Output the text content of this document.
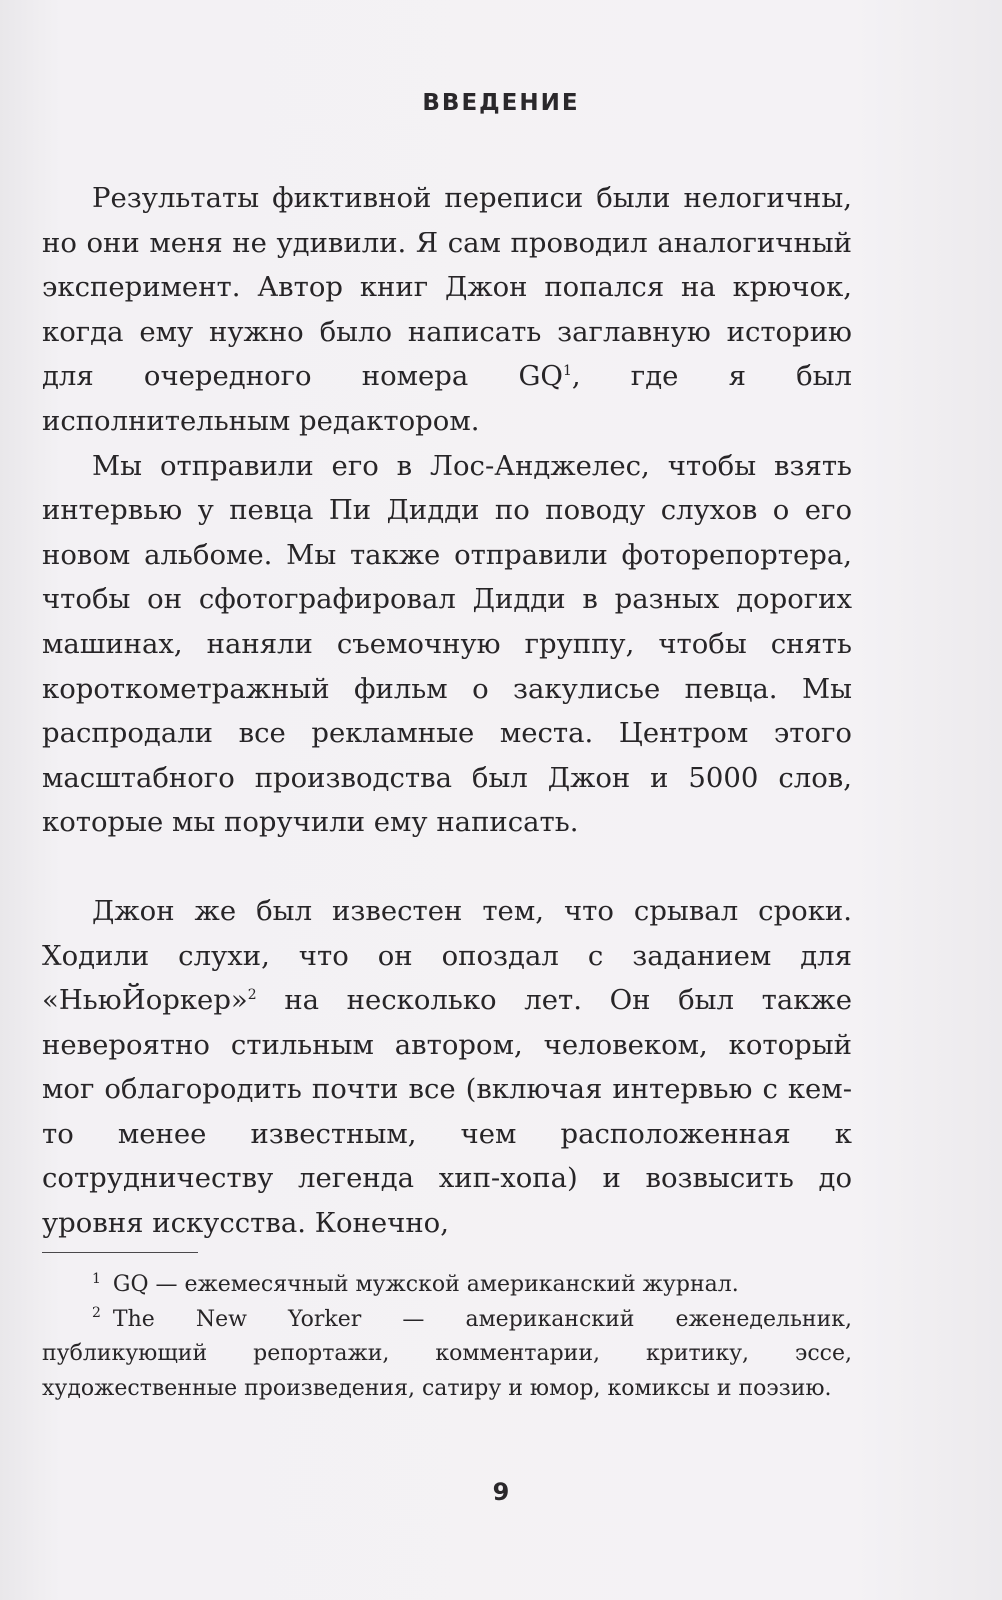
ВВЕДЕНИЕ

Результаты фиктивной переписи были нелогичны, но они меня не удивили. Я сам проводил аналогичный эксперимент. Автор книг Джон попался на крючок, когда ему нужно было написать заглавную историю для очередного номера $GQ^1$, где я был исполнительным редактором.

Мы отправили его в Лос-Анджелес, чтобы взять интервью у певца Пи Дидди по поводу слухов о его новом альбоме. Мы также отправили фоторепортера, чтобы он сфотографировал Дидди в разных дорогих машинах, наняли съемочную группу, чтобы снять короткометражный фильм о закулисье певца. Мы распродали все рекламные места. Центром этого масштабного производства был Джон и 5000 слов, которые мы поручили ему написать.

Джон же был известен тем, что срывал сроки. Ходили слухи, что он опоздал с заданием для «НьюЙоркер»$^2$ на несколько лет. Он был также невероятно стильным автором, человеком, который мог облагородить почти все (включая интервью с кем-то менее известным, чем расположенная к сотрудничеству легенда хип-хопа) и возвысить до уровня искусства. Конечно,

$^1$ GQ — ежемесячный мужской американский журнал.

$^2$ The New Yorker — американский еженедельник, публикующий репортажи, комментарии, критику, эссе, художественные произведения, сатиру и юмор, комиксы и поэзию.

9
